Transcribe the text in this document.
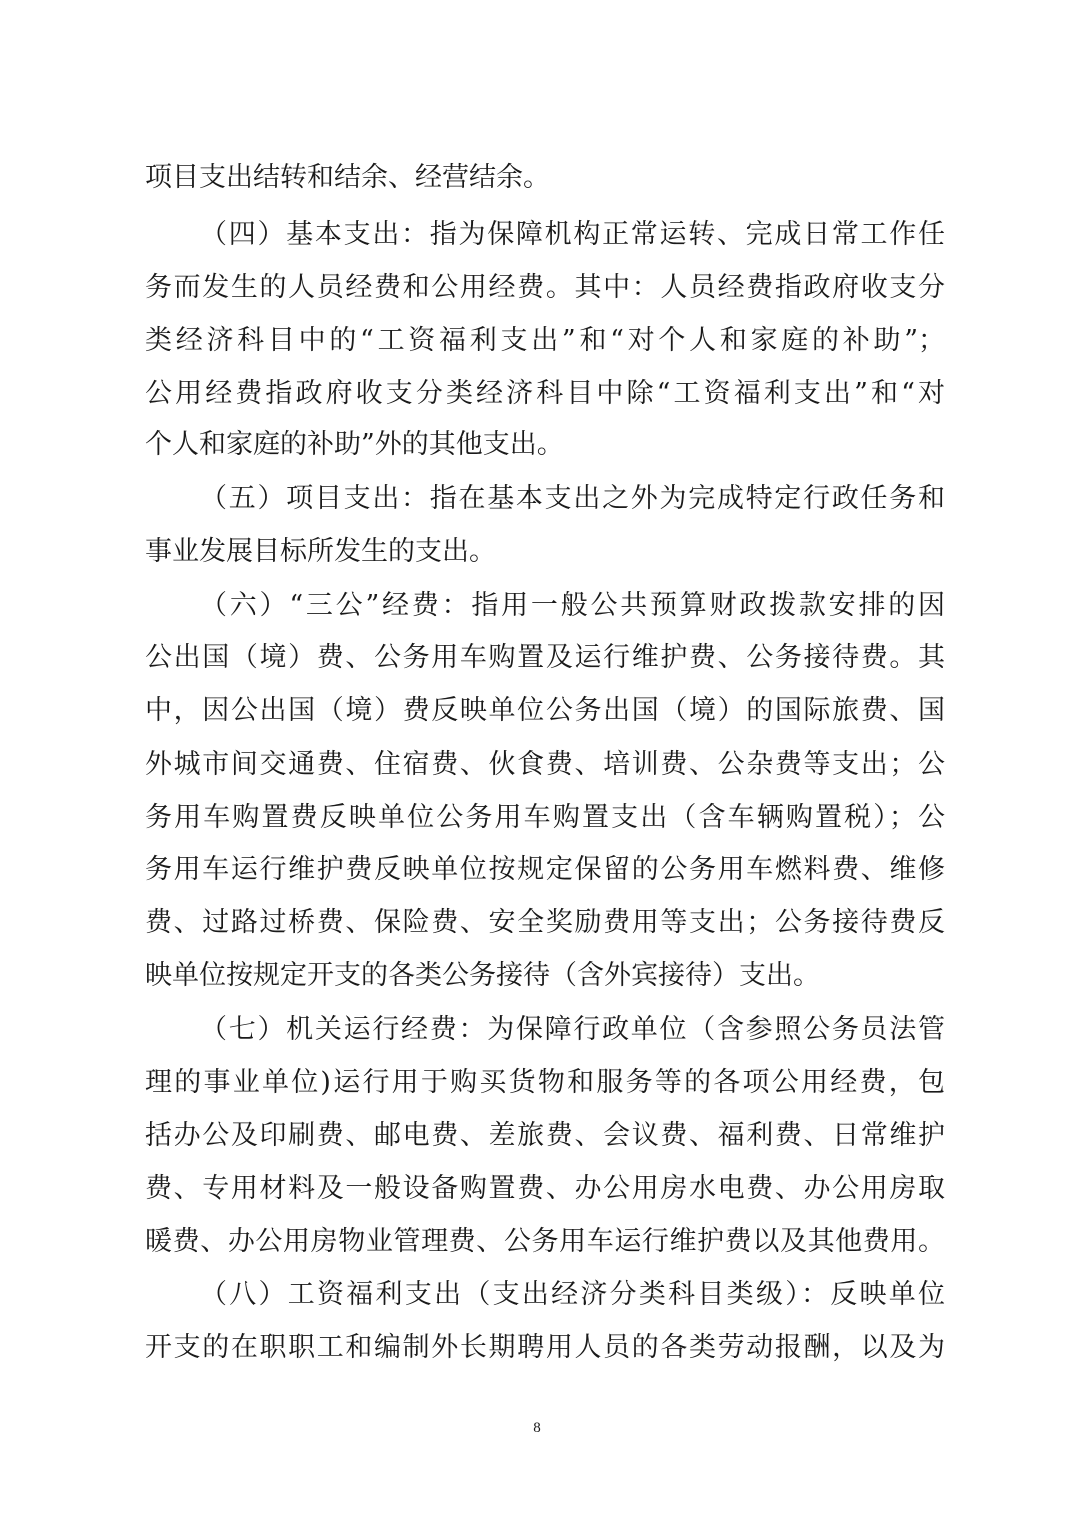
项目支出结转和结余、经营结余。
（四）基本支出：指为保障机构正常运转、完成日常工作任
务而发生的人员经费和公用经费。其中：人员经费指政府收支分
类经济科目中的“工资福利支出”和“对个人和家庭的补助”；
公用经费指政府收支分类经济科目中除“工资福利支出”和“对
个人和家庭的补助”外的其他支出。
（五）项目支出：指在基本支出之外为完成特定行政任务和
事业发展目标所发生的支出。
（六）“三公”经费：指用一般公共预算财政拨款安排的因
公出国（境）费、公务用车购置及运行维护费、公务接待费。其
中，因公出国（境）费反映单位公务出国（境）的国际旅费、国
外城市间交通费、住宿费、伙食费、培训费、公杂费等支出；公
务用车购置费反映单位公务用车购置支出（含车辆购置税）；公
务用车运行维护费反映单位按规定保留的公务用车燃料费、维修
费、过路过桥费、保险费、安全奖励费用等支出；公务接待费反
映单位按规定开支的各类公务接待（含外宾接待）支出。
（七）机关运行经费：为保障行政单位（含参照公务员法管
理的事业单位)运行用于购买货物和服务等的各项公用经费，包
括办公及印刷费、邮电费、差旅费、会议费、福利费、日常维护
费、专用材料及一般设备购置费、办公用房水电费、办公用房取
暖费、办公用房物业管理费、公务用车运行维护费以及其他费用。
（八）工资福利支出（支出经济分类科目类级）：反映单位
开支的在职职工和编制外长期聘用人员的各类劳动报酬，以及为
8
